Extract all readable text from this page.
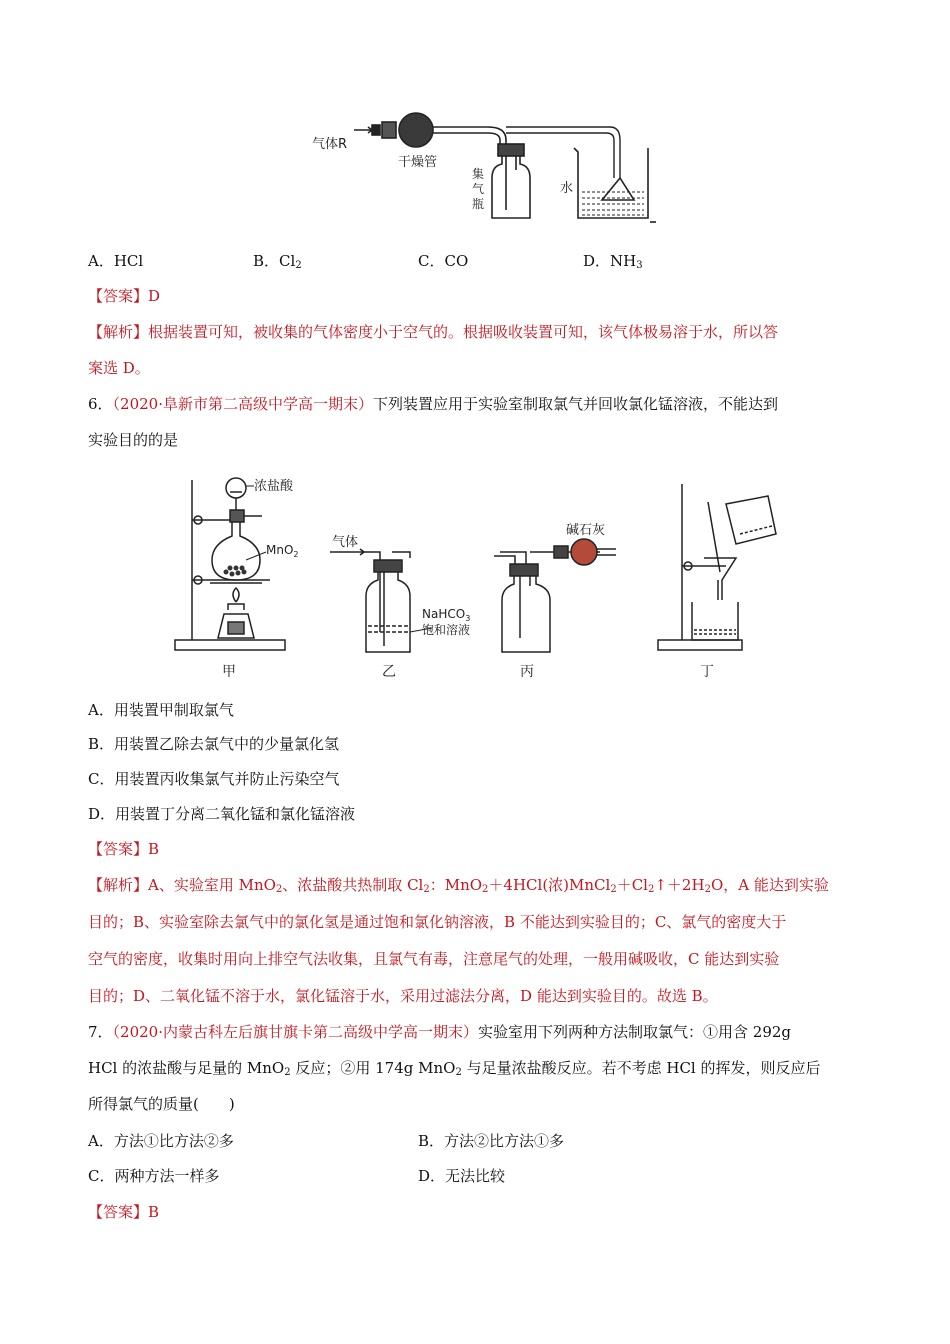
气体R
干燥管
集
气
瓶
水
A．HCl	B．$Cl_2$	C．CO	D．$NH_3$
【答案】D
【解析】根据装置可知，被收集的气体密度小于空气的。根据吸收装置可知，该气体极易溶于水，所以答
案选 D。
6．（2020·阜新市第二高级中学高一期末）下列装置应用于实验室制取氯气并回收氯化锰溶液，不能达到
实验目的的是
浓盐酸
MnO$_2$
气体
NaHCO$_3$
饱和溶液
碱石灰
甲	乙	丙	丁
A．用装置甲制取氯气
B．用装置乙除去氯气中的少量氯化氢
C．用装置丙收集氯气并防止污染空气
D．用装置丁分离二氧化锰和氯化锰溶液
【答案】B
【解析】A、实验室用 MnO$_2$、浓盐酸共热制取 $Cl_2$：MnO$_2$＋4HCl(浓)$MnCl_2+Cl_2↑+2H_2O$，A 能达到实验
目的；B、实验室除去氯气中的氯化氢是通过饱和氯化钠溶液，B 不能达到实验目的；C、氯气的密度大于
空气的密度，收集时用向上排空气法收集，且氯气有毒，注意尾气的处理，一般用碱吸收，C 能达到实验
目的；D、二氧化锰不溶于水，氯化锰溶于水，采用过滤法分离，D 能达到实验目的。故选 B。
7．（2020·内蒙古科左后旗甘旗卡第二高级中学高一期末）实验室用下列两种方法制取氯气：①用含 292g
HCl 的浓盐酸与足量的 MnO$_2$ 反应；②用 174g MnO$_2$ 与足量浓盐酸反应。若不考虑 HCl 的挥发，则反应后
所得氯气的质量(　　)
A．方法①比方法②多	B．方法②比方法①多
C．两种方法一样多	D．无法比较
【答案】B
